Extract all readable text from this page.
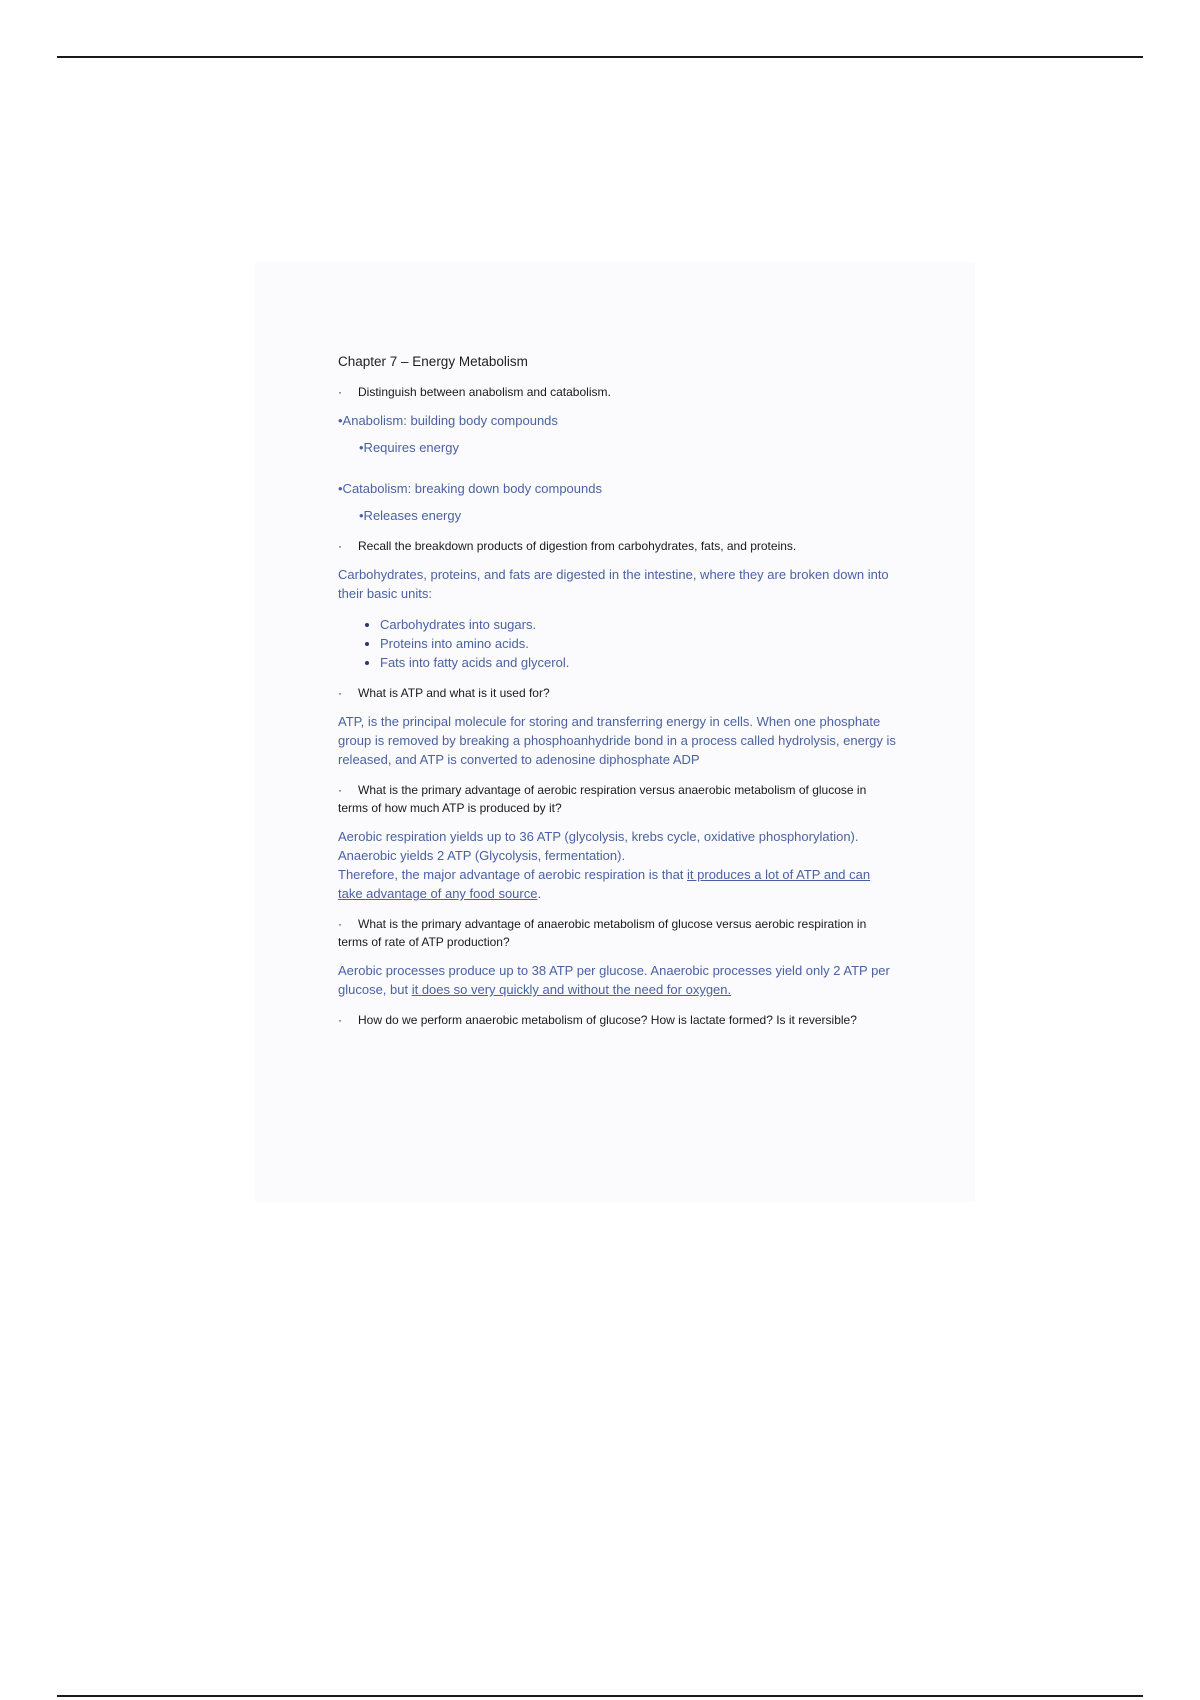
Chapter 7 – Energy Metabolism
· Distinguish between anabolism and catabolism.
•Anabolism: building body compounds
•Requires energy
•Catabolism: breaking down body compounds
•Releases energy
· Recall the breakdown products of digestion from carbohydrates, fats, and proteins.
Carbohydrates, proteins, and fats are digested in the intestine, where they are broken down into their basic units:
• Carbohydrates into sugars.
• Proteins into amino acids.
• Fats into fatty acids and glycerol.
· What is ATP and what is it used for?
ATP, is the principal molecule for storing and transferring energy in cells. When one phosphate group is removed by breaking a phosphoanhydride bond in a process called hydrolysis, energy is released, and ATP is converted to adenosine diphosphate ADP
· What is the primary advantage of aerobic respiration versus anaerobic metabolism of glucose in terms of how much ATP is produced by it?
Aerobic respiration yields up to 36 ATP (glycolysis, krebs cycle, oxidative phosphorylation).
Anaerobic yields 2 ATP (Glycolysis, fermentation).
Therefore, the major advantage of aerobic respiration is that it produces a lot of ATP and can take advantage of any food source.
· What is the primary advantage of anaerobic metabolism of glucose versus aerobic respiration in terms of rate of ATP production?
Aerobic processes produce up to 38 ATP per glucose. Anaerobic processes yield only 2 ATP per glucose, but it does so very quickly and without the need for oxygen.
· How do we perform anaerobic metabolism of glucose? How is lactate formed? Is it reversible?
